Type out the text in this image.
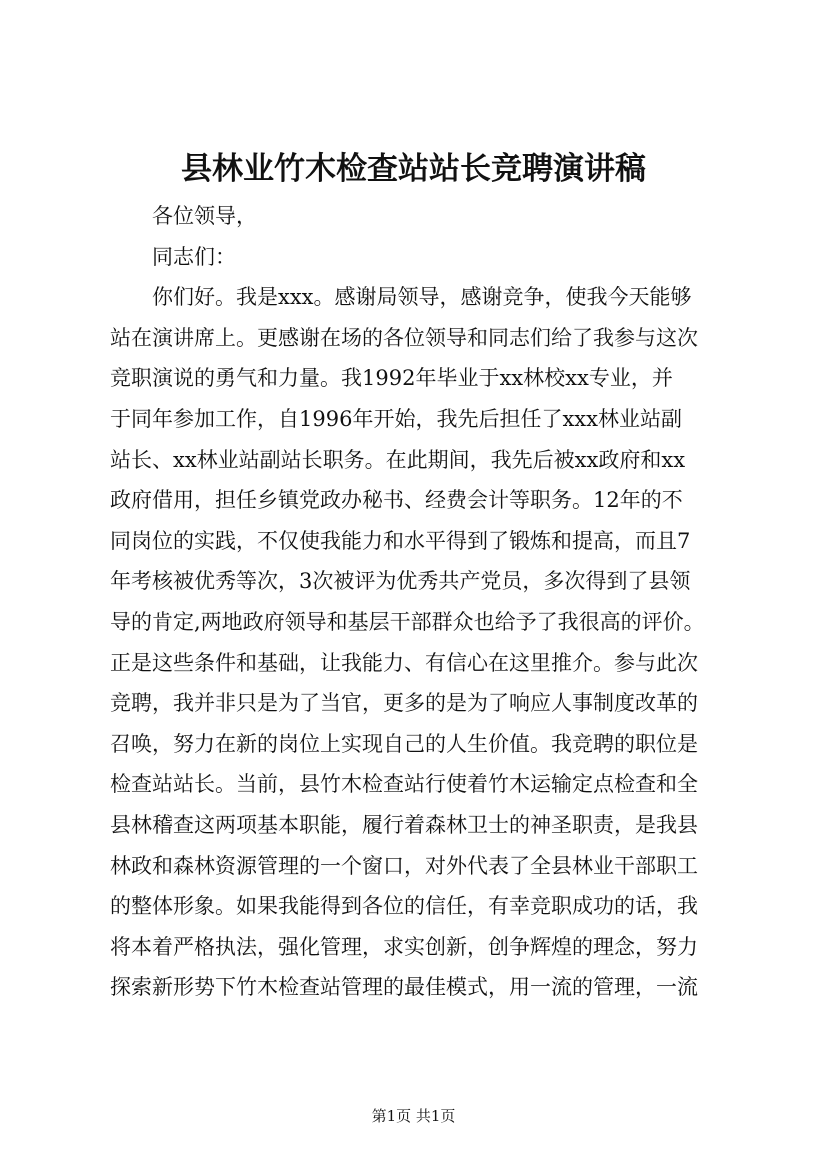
县林业竹木检查站站长竞聘演讲稿
各位领导，
同志们：
你们好。我是xxx。感谢局领导，感谢竞争，使我今天能够
站在演讲席上。更感谢在场的各位领导和同志们给了我参与这次
竞职演说的勇气和力量。我1992年毕业于xx林校xx专业，并
于同年参加工作，自1996年开始，我先后担任了xxx林业站副
站长、xx林业站副站长职务。在此期间，我先后被xx政府和xx
政府借用，担任乡镇党政办秘书、经费会计等职务。12年的不
同岗位的实践，不仅使我能力和水平得到了锻炼和提高，而且7
年考核被优秀等次，3次被评为优秀共产党员，多次得到了县领
导的肯定,两地政府领导和基层干部群众也给予了我很高的评价。
正是这些条件和基础，让我能力、有信心在这里推介。参与此次
竞聘，我并非只是为了当官，更多的是为了响应人事制度改革的
召唤，努力在新的岗位上实现自己的人生价值。我竞聘的职位是
检查站站长。当前，县竹木检查站行使着竹木运输定点检查和全
县林稽查这两项基本职能，履行着森林卫士的神圣职责，是我县
林政和森林资源管理的一个窗口，对外代表了全县林业干部职工
的整体形象。如果我能得到各位的信任，有幸竞职成功的话，我
将本着严格执法，强化管理，求实创新，创争辉煌的理念，努力
探索新形势下竹木检查站管理的最佳模式，用一流的管理，一流
第1页 共1页
